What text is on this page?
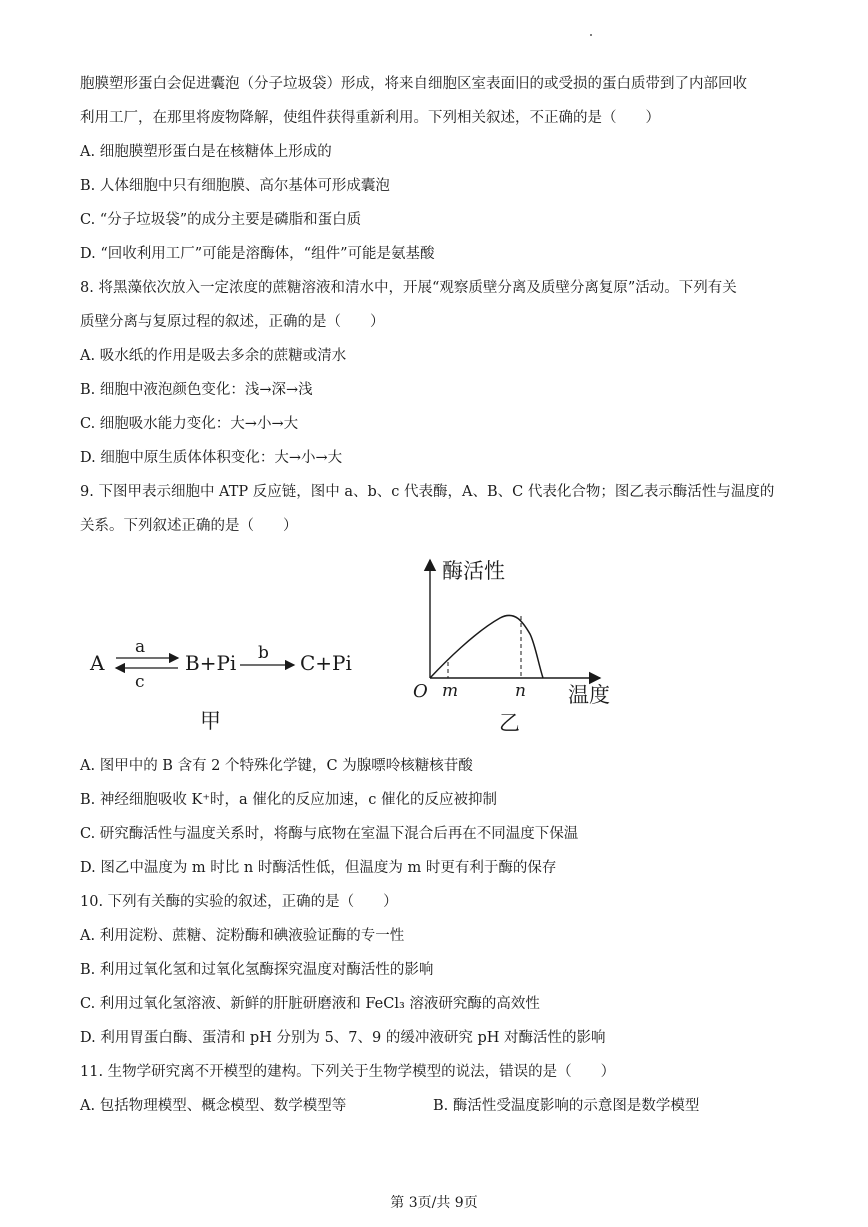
胞膜塑形蛋白会促进囊泡（分子垃圾袋）形成，将来自细胞区室表面旧的或受损的蛋白质带到了内部回收
利用工厂，在那里将废物降解，使组件获得重新利用。下列相关叙述，不正确的是（　　）
A. 细胞膜塑形蛋白是在核糖体上形成的
B. 人体细胞中只有细胞膜、高尔基体可形成囊泡
C. “分子垃圾袋”的成分主要是磷脂和蛋白质
D. “回收利用工厂”可能是溶酶体，“组件”可能是氨基酸
8. 将黑藻依次放入一定浓度的蔗糖溶液和清水中，开展“观察质壁分离及质壁分离复原”活动。下列有关
质壁分离与复原过程的叙述，正确的是（　　）
A. 吸水纸的作用是吸去多余的蔗糖或清水
B. 细胞中液泡颜色变化：浅→深→浅
C. 细胞吸水能力变化：大→小→大
D. 细胞中原生质体体积变化：大→小→大
9. 下图甲表示细胞中 ATP 反应链，图中 a、b、c 代表酶，A、B、C 代表化合物；图乙表示酶活性与温度的
关系。下列叙述正确的是（　　）
A
a
c
B+Pi b C+Pi
甲
酶活性
温度
O m	n
乙
A. 图甲中的 B 含有 2 个特殊化学键，C 为腺嘌呤核糖核苷酸
B. 神经细胞吸收 K⁺时，a 催化的反应加速，c 催化的反应被抑制
C. 研究酶活性与温度关系时，将酶与底物在室温下混合后再在不同温度下保温
D. 图乙中温度为 m 时比 n 时酶活性低，但温度为 m 时更有利于酶的保存
10. 下列有关酶的实验的叙述，正确的是（　　）
A. 利用淀粉、蔗糖、淀粉酶和碘液验证酶的专一性
B. 利用过氧化氢和过氧化氢酶探究温度对酶活性的影响
C. 利用过氧化氢溶液、新鲜的肝脏研磨液和 FeCl₃ 溶液研究酶的高效性
D. 利用胃蛋白酶、蛋清和 pH 分别为 5、7、9 的缓冲液研究 pH 对酶活性的影响
11. 生物学研究离不开模型的建构。下列关于生物学模型的说法，错误的是（　　）
A. 包括物理模型、概念模型、数学模型等	B. 酶活性受温度影响的示意图是数学模型
第 3页/共 9页
